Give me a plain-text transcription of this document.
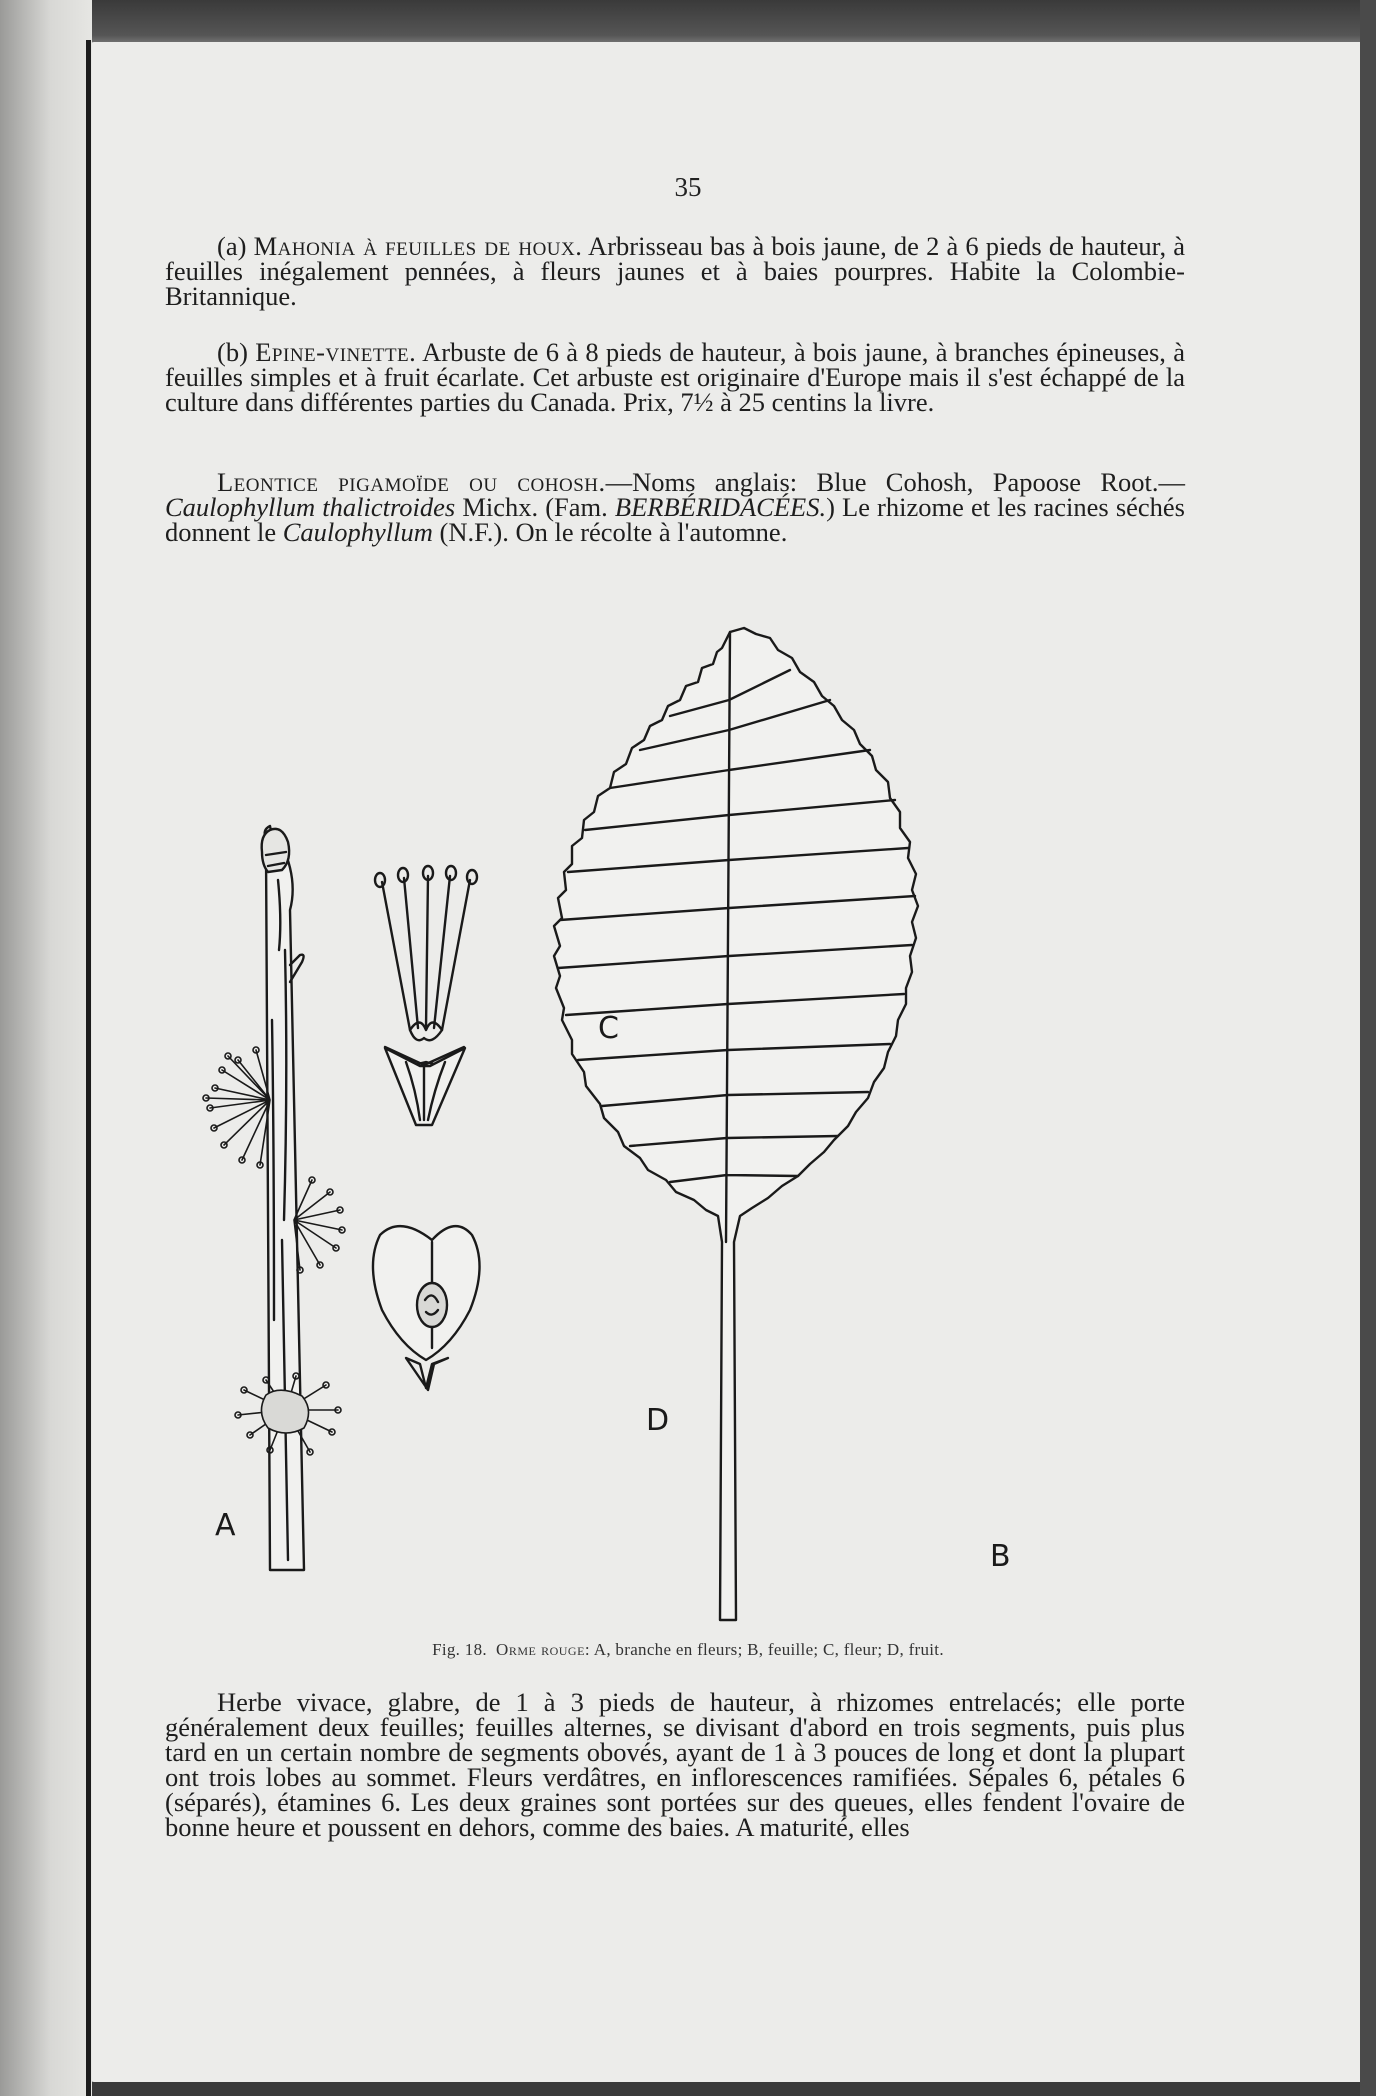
35

(a) Mahonia à feuilles de houx. Arbrisseau bas à bois jaune, de 2 à 6 pieds de hauteur, à feuilles inégalement pennées, à fleurs jaunes et à baies pourpres. Habite la Colombie-Britannique.

(b) Epine-vinette. Arbuste de 6 à 8 pieds de hauteur, à bois jaune, à branches épineuses, à feuilles simples et à fruit écarlate. Cet arbuste est originaire d'Europe mais il s'est échappé de la culture dans différentes parties du Canada. Prix, 7½ à 25 centins la livre.

Leontice pigamoïde ou cohosh.—Noms anglais: Blue Cohosh, Papoose Root.—Caulophyllum thalictroides Michx. (Fam. BERBÉRIDACÉES.) Le rhizome et les racines séchés donnent le Caulophyllum (N.F.). On le récolte à l'automne.

A
C
D
B
Fig. 18. Orme rouge: A, branche en fleurs; B, feuille; C, fleur; D, fruit.

Herbe vivace, glabre, de 1 à 3 pieds de hauteur, à rhizomes entrelacés; elle porte généralement deux feuilles; feuilles alternes, se divisant d'abord en trois segments, puis plus tard en un certain nombre de segments obovés, ayant de 1 à 3 pouces de long et dont la plupart ont trois lobes au sommet. Fleurs verdâtres, en inflorescences ramifiées. Sépales 6, pétales 6 (séparés), étamines 6. Les deux graines sont portées sur des queues, elles fendent l'ovaire de bonne heure et poussent en dehors, comme des baies. A maturité, elles
